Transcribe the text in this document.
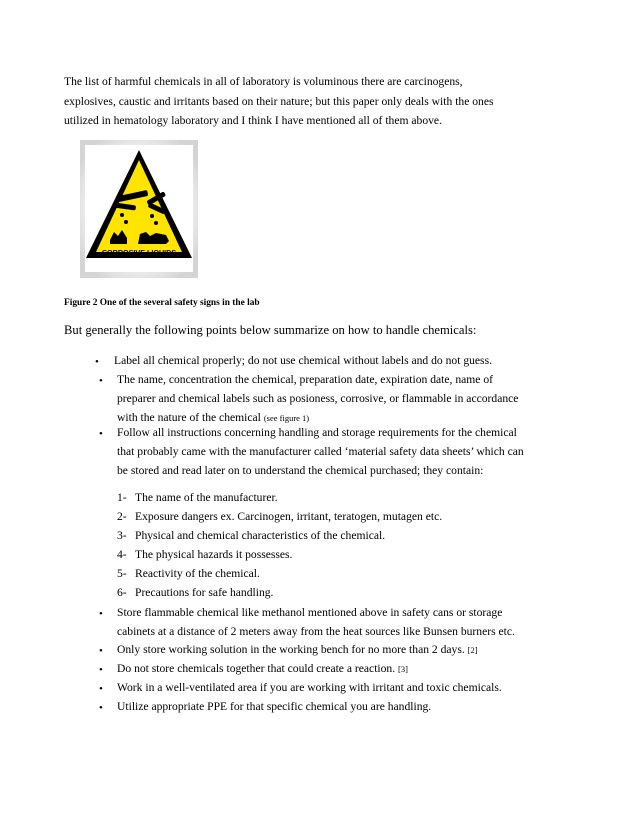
The list of harmful chemicals in all of laboratory is voluminous there are carcinogens,
explosives, caustic and irritants based on their nature; but this paper only deals with the ones
utilized in hematology laboratory and I think I have mentioned all of them above.
CORROSIVE LIQUIDS

Figure 2 One of the several safety signs in the lab

But generally the following points below summarize on how to handle chemicals:

• Label all chemical properly; do not use chemical without labels and do not guess.
• The name, concentration the chemical, preparation date, expiration date, name of
preparer and chemical labels such as posioness, corrosive, or flammable in accordance
with the nature of the chemical (see figure 1)
• Follow all instructions concerning handling and storage requirements for the chemical
that probably came with the manufacturer called ‘material safety data sheets’ which can
be stored and read later on to understand the chemical purchased; they contain:
1- The name of the manufacturer.
2- Exposure dangers ex. Carcinogen, irritant, teratogen, mutagen etc.
3- Physical and chemical characteristics of the chemical.
4- The physical hazards it possesses.
5- Reactivity of the chemical.
6- Precautions for safe handling.
• Store flammable chemical like methanol mentioned above in safety cans or storage
cabinets at a distance of 2 meters away from the heat sources like Bunsen burners etc.
• Only store working solution in the working bench for no more than 2 days. [2]
• Do not store chemicals together that could create a reaction. [3]
• Work in a well-ventilated area if you are working with irritant and toxic chemicals.
• Utilize appropriate PPE for that specific chemical you are handling.
